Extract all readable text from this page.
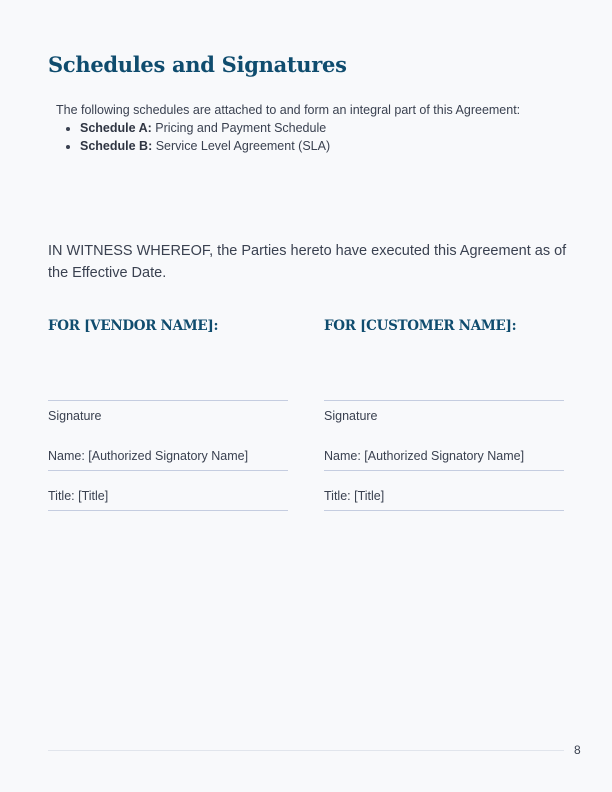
Schedules and Signatures
The following schedules are attached to and form an integral part of this Agreement:
• Schedule A: Pricing and Payment Schedule
• Schedule B: Service Level Agreement (SLA)
IN WITNESS WHEREOF, the Parties hereto have executed this Agreement as of the Effective Date.
FOR [VENDOR NAME]:
Signature
Name: [Authorized Signatory Name]
Title: [Title]
FOR [CUSTOMER NAME]:
Signature
Name: [Authorized Signatory Name]
Title: [Title]
8
